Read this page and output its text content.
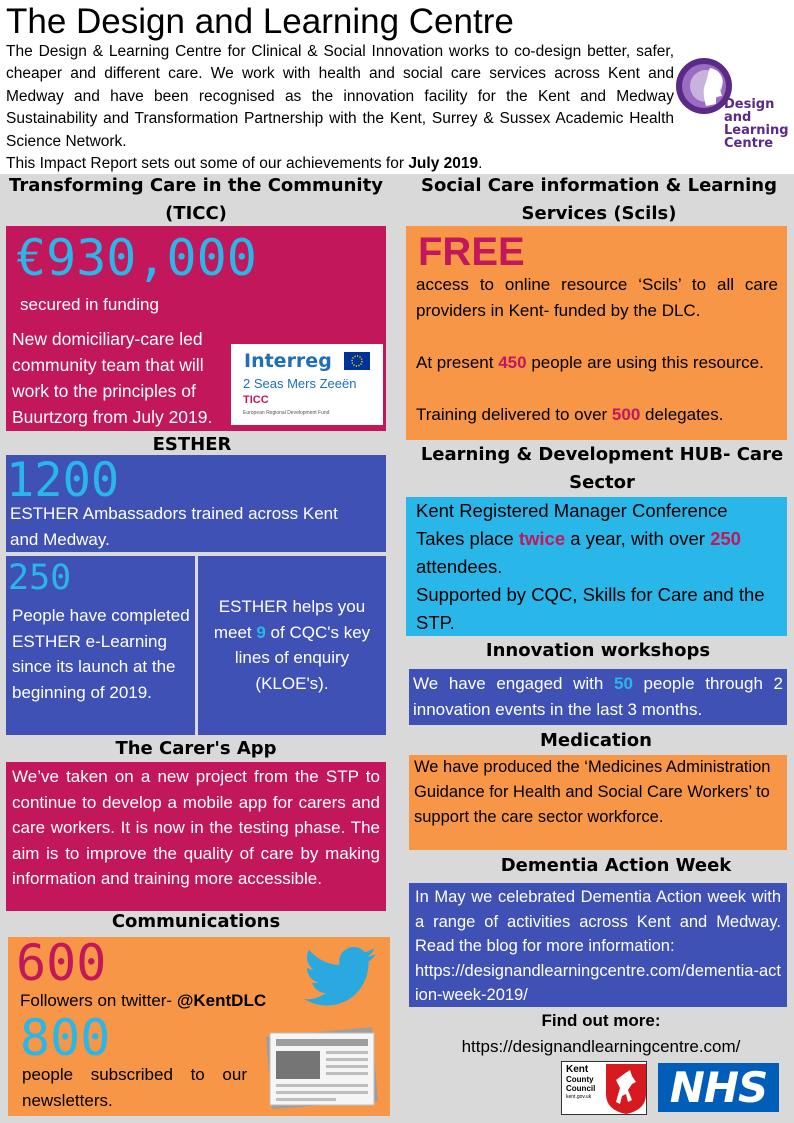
The Design and Learning Centre

The Design & Learning Centre for Clinical & Social Innovation works to co-design better, safer, cheaper and different care. We work with health and social care services across Kent and Medway and have been recognised as the innovation facility for the Kent and Medway Sustainability and Transformation Partnership with the Kent, Surrey & Sussex Academic Health Science Network.

This Impact Report sets out some of our achievements for July 2019.

Design
and
Learning
Centre
Transforming Care in the Community (TICC)
€930,000
secured in funding
New domiciliary-care led community team that will work to the principles of Buurtzorg from July 2019.
Interreg
2 Seas Mers Zeeën
TICC
European Regional Development Fund
ESTHER
1200
ESTHER Ambassadors trained across Kent and Medway.
250
People have completed ESTHER e-Learning since its launch at the beginning of 2019.
ESTHER helps you meet 9 of CQC's key lines of enquiry (KLOE's).
The Carer's App
We’ve taken on a new project from the STP to continue to develop a mobile app for carers and care workers. It is now in the testing phase. The aim is to improve the quality of care by making information and training more accessible.
Communications
600
Followers on twitter- @KentDLC
800
people subscribed to our newsletters.
Social Care information & Learning Services (Scils)
FREE
access to online resource ‘Scils’ to all care providers in Kent- funded by the DLC.
At present 450 people are using this resource.
Training delivered to over 500 delegates.
Learning & Development HUB- Care Sector
Kent Registered Manager Conference
Takes place twice a year, with over 250 attendees.
Supported by CQC, Skills for Care and the STP.
Innovation workshops
We have engaged with 50 people through 2 innovation events in the last 3 months.
Medication
We have produced the ‘Medicines Administration Guidance for Health and Social Care Workers’ to support the care sector workforce.
Dementia Action Week
In May we celebrated Dementia Action week with a range of activities across Kent and Medway. Read the blog for more information:
https://designandlearningcentre.com/dementia-action-week-2019/
Find out more:
https://designandlearningcentre.com/
Kent
County
Council
kent.gov.uk NHS
